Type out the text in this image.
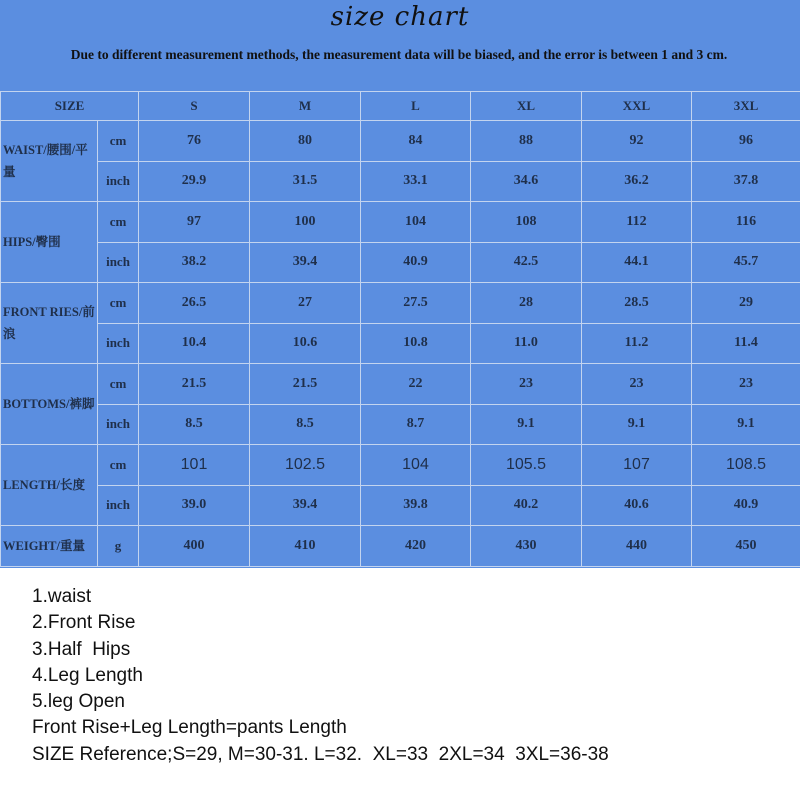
size chart
Due to different measurement methods, the measurement data will be biased, and the error is between 1 and 3 cm.
SIZE		S	M	L	XL	XXL	3XL
WAIST/腰围/平量	cm	76	80	84	88	92	96
	inch	29.9	31.5	33.1	34.6	36.2	37.8
HIPS/臀围	cm	97	100	104	108	112	116
	inch	38.2	39.4	40.9	42.5	44.1	45.7
FRONT RIES/前浪	cm	26.5	27	27.5	28	28.5	29
	inch	10.4	10.6	10.8	11.0	11.2	11.4
BOTTOMS/裤脚	cm	21.5	21.5	22	23	23	23
	inch	8.5	8.5	8.7	9.1	9.1	9.1
LENGTH/长度	cm	101	102.5	104	105.5	107	108.5
	inch	39.0	39.4	39.8	40.2	40.6	40.9
WEIGHT/重量	g	400	410	420	430	440	450
1.waist
2.Front Rise
3.Half  Hips
4.Leg Length
5.leg Open
Front Rise+Leg Length=pants Length
SIZE Reference;S=29, M=30-31. L=32.  XL=33  2XL=34  3XL=36-38
